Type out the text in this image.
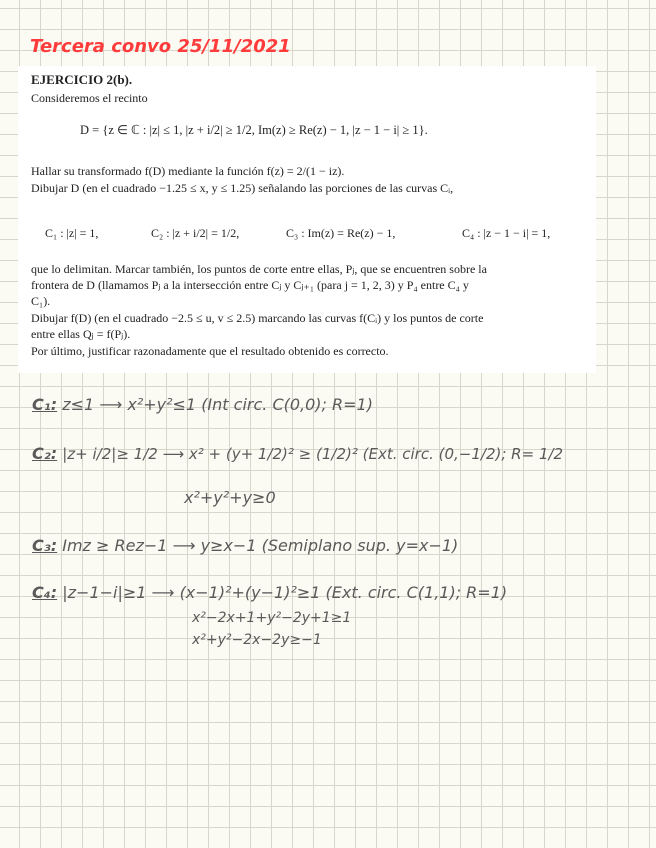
Tercera convo 25/11/2021
EJERCICIO 2(b).
Consideremos el recinto
D = {z ∈ ℂ : |z| ≤ 1, |z + i/2| ≥ 1/2, Im(z) ≥ Re(z) − 1, |z − 1 − i| ≥ 1}.
Hallar su transformado f(D) mediante la función f(z) = 2/(1 − iz).
Dibujar D (en el cuadrado −1.25 ≤ x, y ≤ 1.25) señalando las porciones de las curvas Cᵢ,
C₁ : |z| = 1,	C₂ : |z + i/2| = 1/2,	C₃ : Im(z) = Re(z) − 1,	C₄ : |z − 1 − i| = 1,
que lo delimitan. Marcar también, los puntos de corte entre ellas, Pⱼ, que se encuentren sobre la
frontera de D (llamamos Pⱼ a la intersección entre Cⱼ y Cⱼ₊₁ (para j = 1, 2, 3) y P₄ entre C₄ y
C₁).
Dibujar f(D) (en el cuadrado −2.5 ≤ u, v ≤ 2.5) marcando las curvas f(Cᵢ) y los puntos de corte
entre ellas Qⱼ = f(Pⱼ).
Por último, justificar razonadamente que el resultado obtenido es correcto.
C₁: z≤1 ⟶ x²+y²≤1 (Int circ. C(0,0); R=1)
C₂: |z+ i/2|≥ 1/2 ⟶ x² + (y+ 1/2)² ≥ (1/2)² (Ext. circ. (0,−1/2); R= 1/2
x²+y²+y≥0
C₃: Imz ≥ Rez−1 ⟶ y≥x−1 (Semiplano sup. y=x−1)
C₄: |z−1−i|≥1 ⟶ (x−1)²+(y−1)²≥1 (Ext. circ. C(1,1); R=1)
x²−2x+1+y²−2y+1≥1
x²+y²−2x−2y≥−1
